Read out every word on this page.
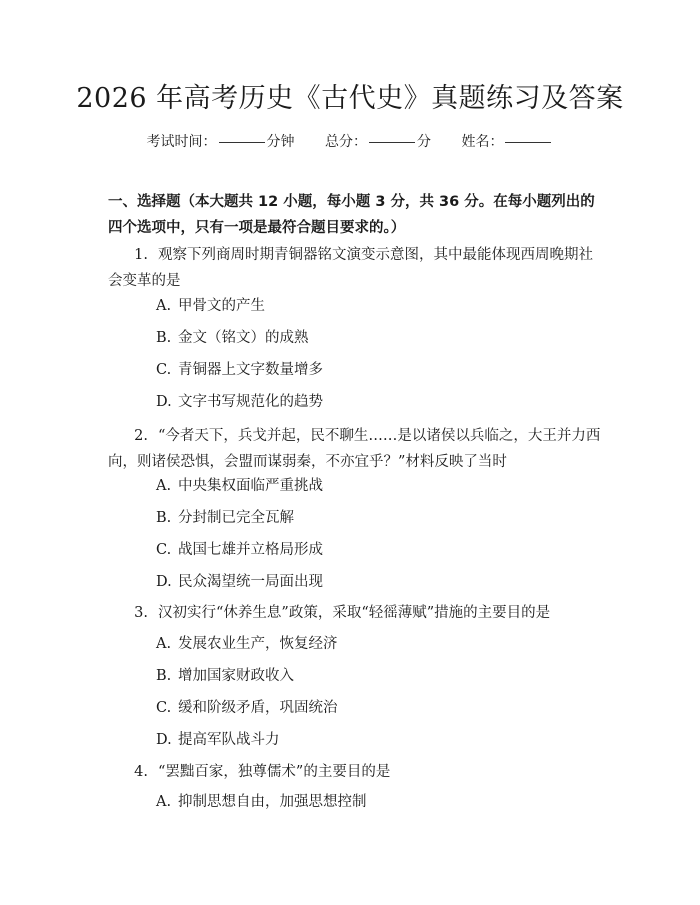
2026 年高考历史《古代史》真题练习及答案
考试时间：	分钟 总分：	分 姓名：
一、选择题（本大题共 12 小题，每小题 3 分，共 36 分。在每小题列出的四个选项中，只有一项是最符合题目要求的。）
1. 观察下列商周时期青铜器铭文演变示意图，其中最能体现西周晚期社会变革的是
A. 甲骨文的产生
B. 金文（铭文）的成熟
C. 青铜器上文字数量增多
D. 文字书写规范化的趋势
2. “今者天下，兵戈并起，民不聊生……是以诸侯以兵临之，大王并力西向，则诸侯恐惧，会盟而谋弱秦，不亦宜乎？”材料反映了当时
A. 中央集权面临严重挑战
B. 分封制已完全瓦解
C. 战国七雄并立格局形成
D. 民众渴望统一局面出现
3. 汉初实行“休养生息”政策，采取“轻徭薄赋”措施的主要目的是
A. 发展农业生产，恢复经济
B. 增加国家财政收入
C. 缓和阶级矛盾，巩固统治
D. 提高军队战斗力
4. “罢黜百家，独尊儒术”的主要目的是
A. 抑制思想自由，加强思想控制
